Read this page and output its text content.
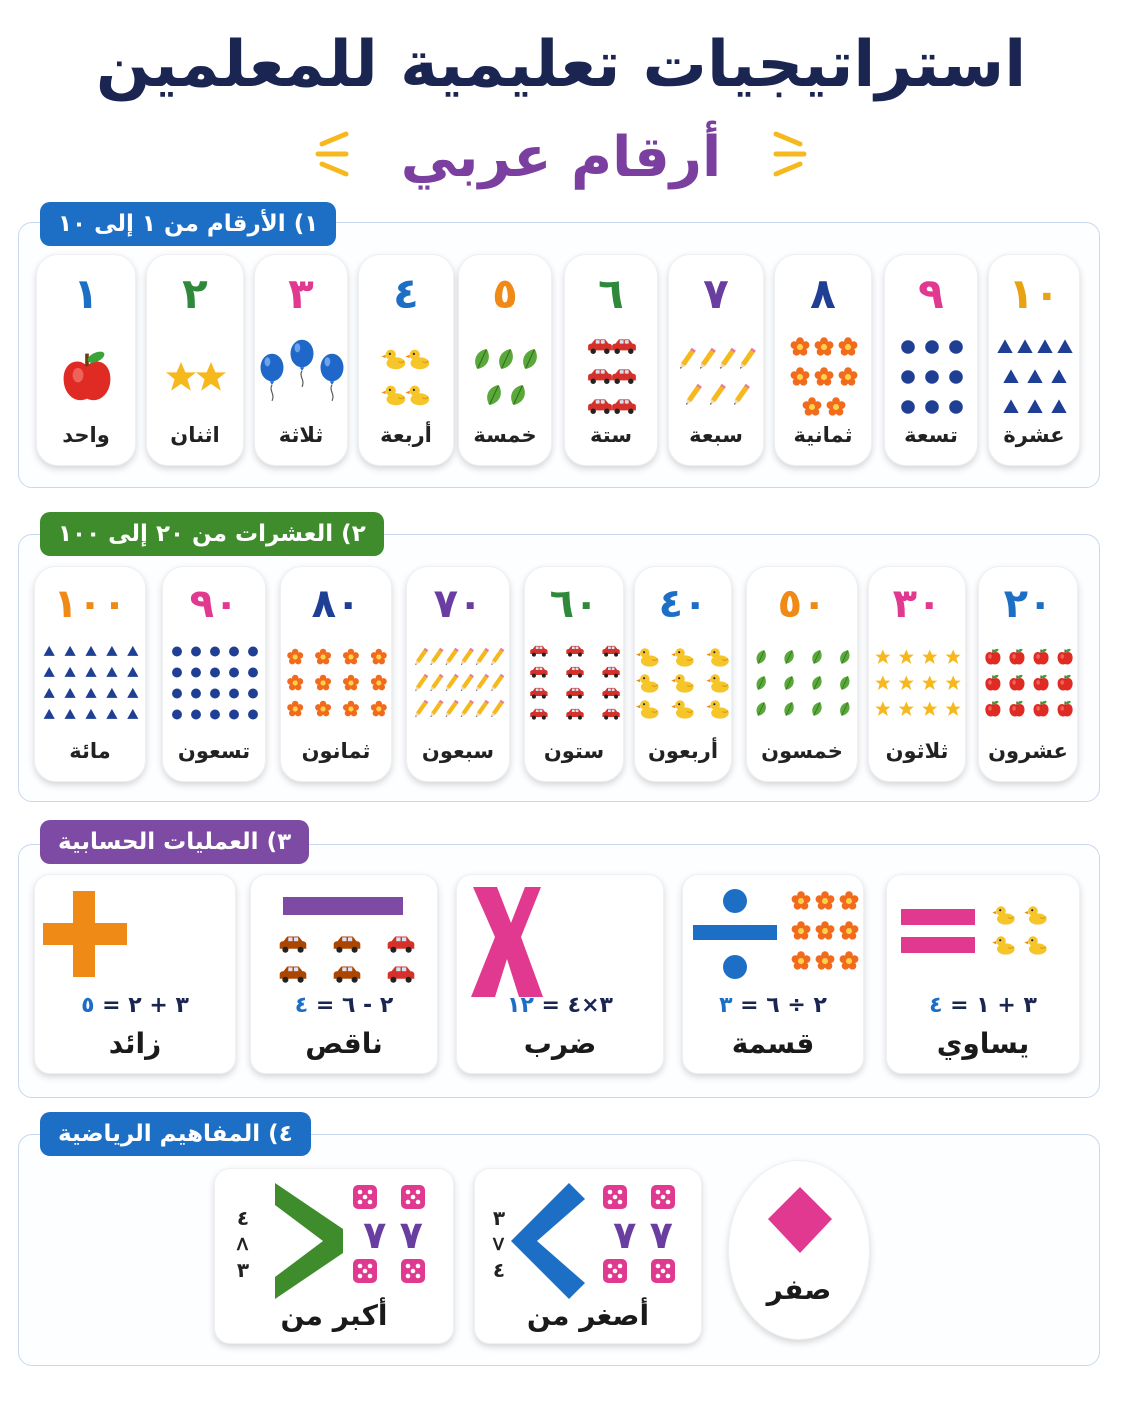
استراتيجيات تعليمية للمعلمين
أرقام عربي
١) الأرقام من ١ إلى ١٠
١٠
عشرة
٩
تسعة
٨
ثمانية
٧
سبعة
٦
ستة
٥
خمسة
٤
أربعة
٣
ثلاثة
٢
اثنان
١
واحد
٢) العشرات من ٢٠ إلى ١٠٠
٢٠
عشرون
٣٠
ثلاثون
٥٠
خمسون
٤٠
أربعون
٦٠
ستون
٧٠
سبعون
٨٠
ثمانون
٩٠
تسعون
١٠٠
مائة
٣) العمليات الحسابية
٣ + ١ = ٤
يساوي
٢ ÷ ٦ = ٣
قسمة
٣×٤ = ١٢
ضرب
٢ - ٦ = ٤
ناقص
٣ + ٢ = ٥
زائد
٤) المفاهيم الرياضية
صفر
٧ ٧
٣
<
٤
أصغر من
٧ ٧
٤
>
٣
أكبر من
